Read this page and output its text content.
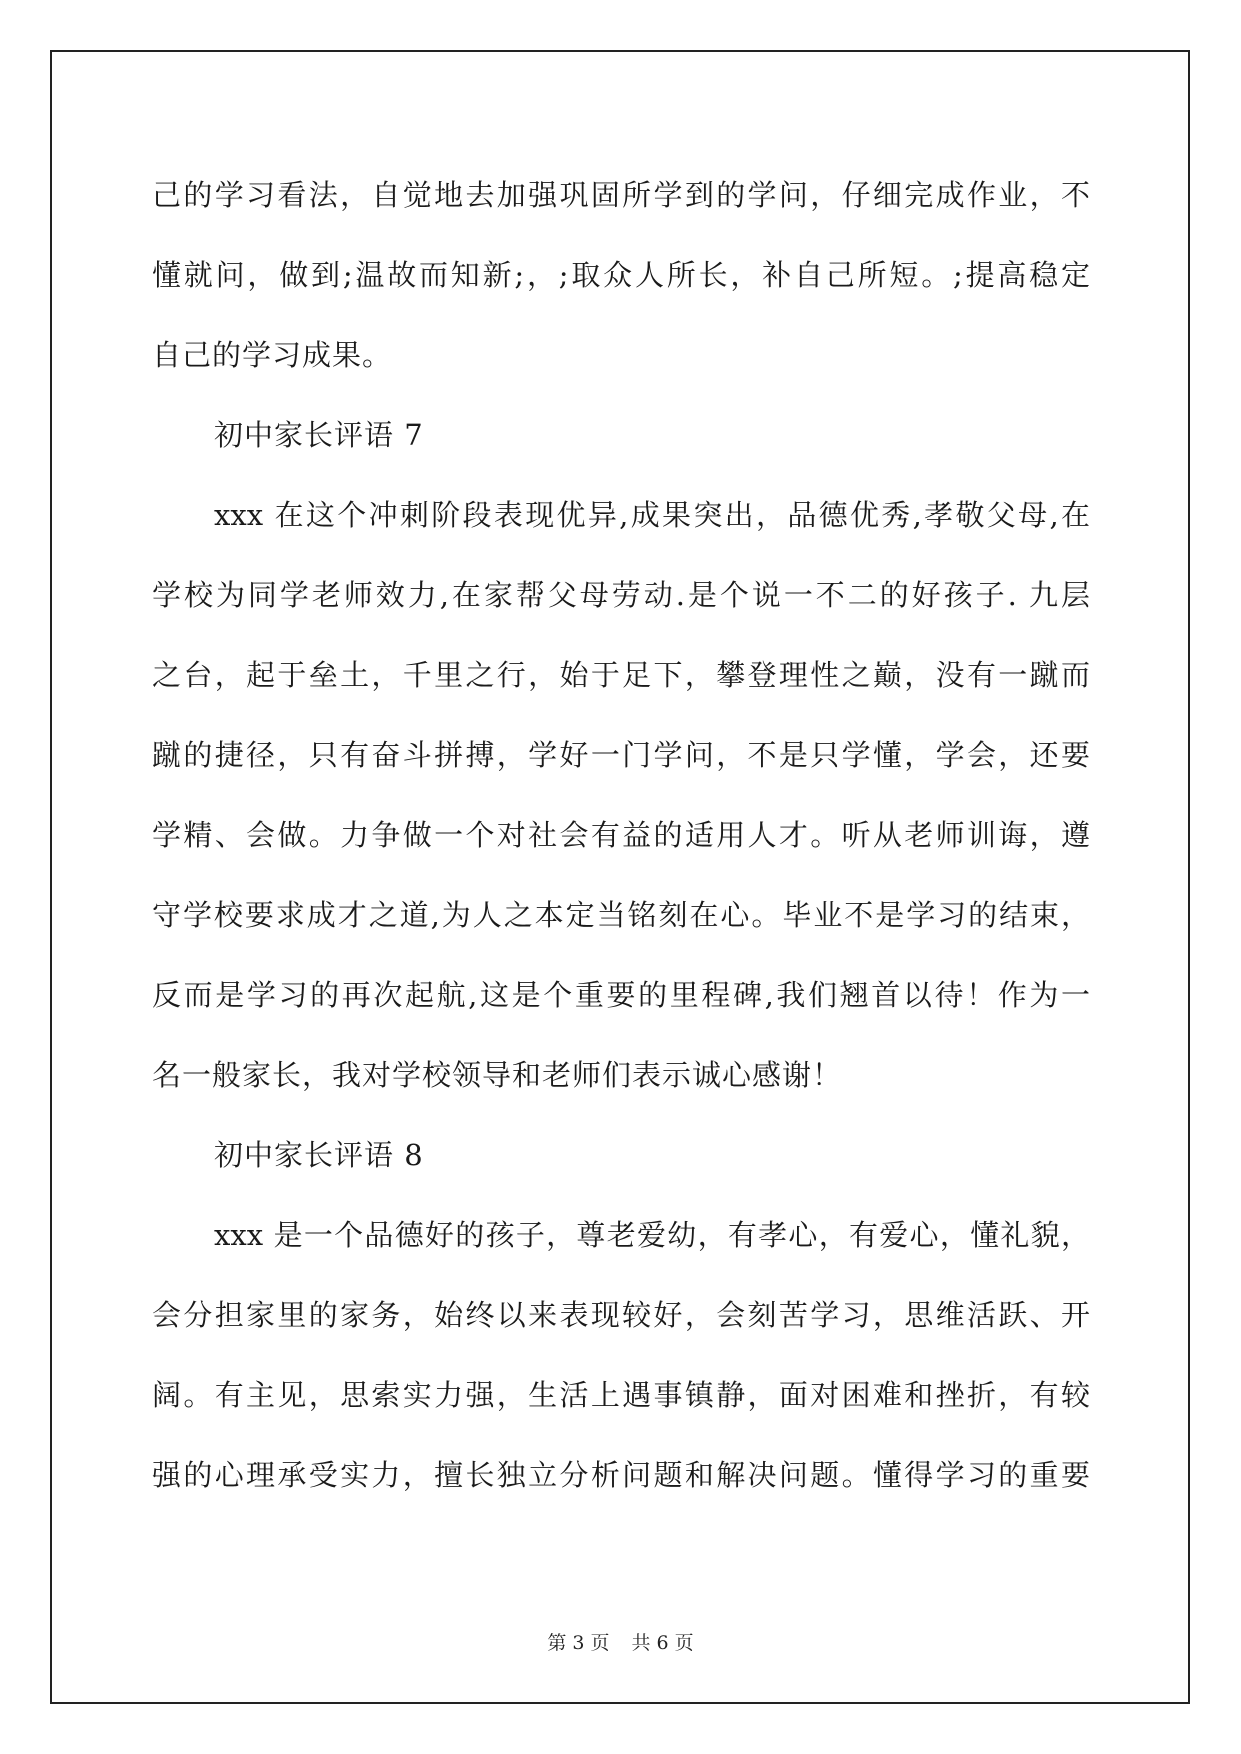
己的学习看法，自觉地去加强巩固所学到的学问，仔细完成作业，不
懂就问，做到;温故而知新;，;取众人所长，补自己所短。;提高稳定
自己的学习成果。
初中家长评语 7
xxx 在这个冲刺阶段表现优异,成果突出，品德优秀,孝敬父母,在
学校为同学老师效力,在家帮父母劳动.是个说一不二的好孩子. 九层
之台，起于垒土，千里之行，始于足下，攀登理性之巅，没有一蹴而
蹴的捷径，只有奋斗拼搏，学好一门学问，不是只学懂，学会，还要
学精、会做。力争做一个对社会有益的适用人才。听从老师训诲，遵
守学校要求成才之道,为人之本定当铭刻在心。毕业不是学习的结束，
反而是学习的再次起航,这是个重要的里程碑,我们翘首以待！作为一
名一般家长，我对学校领导和老师们表示诚心感谢！
初中家长评语 8
xxx 是一个品德好的孩子，尊老爱幼，有孝心，有爱心，懂礼貌，
会分担家里的家务，始终以来表现较好，会刻苦学习，思维活跃、开
阔。有主见，思索实力强，生活上遇事镇静，面对困难和挫折，有较
强的心理承受实力，擅长独立分析问题和解决问题。懂得学习的重要
第 3 页 共 6 页
